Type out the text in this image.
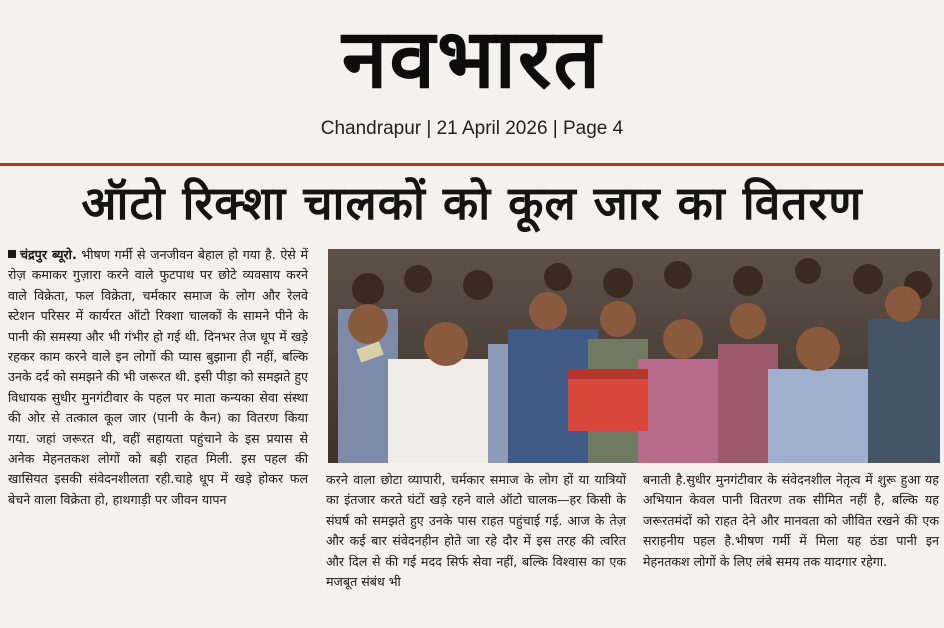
नवभारत
Chandrapur | 21 April 2026 | Page 4
ऑटो रिक्शा चालकों को कूल जार का वितरण

चंद्रपुर ब्यूरो. भीषण गर्मी से जनजीवन बेहाल हो गया है. ऐसे में रोज़ कमाकर गुज़ारा करने वाले फुटपाथ पर छोटे व्यवसाय करने वाले विक्रेता, फल विक्रेता, चर्मकार समाज के लोग और रेलवे स्टेशन परिसर में कार्यरत ऑटो रिक्शा चालकों के सामने पीने के पानी की समस्या और भी गंभीर हो गई थी. दिनभर तेज धूप में खड़े रहकर काम करने वाले इन लोगों की प्यास बुझाना ही नहीं, बल्कि उनके दर्द को समझने की भी जरूरत थी. इसी पीड़ा को समझते हुए विधायक सुधीर मुनगंटीवार के पहल पर माता कन्यका सेवा संस्था की ओर से तत्काल कूल जार (पानी के कैन) का वितरण किया गया. जहां जरूरत थी, वहीं सहायता पहुंचाने के इस प्रयास से अनेक मेहनतकश लोगों को बड़ी राहत मिली. इस पहल की खासियत इसकी संवेदनशीलता रही.चाहे धूप में खड़े होकर फल बेचने वाला विक्रेता हो, हाथगाड़ी पर जीवन यापन

करने वाला छोटा व्यापारी, चर्मकार समाज के लोग हों या यात्रियों का इंतजार करते घंटों खड़े रहने वाले ऑटो चालक—हर किसी के संघर्ष को समझते हुए उनके पास राहत पहुंचाई गई. आज के तेज़ और कई बार संवेदनहीन होते जा रहे दौर में इस तरह की त्वरित और दिल से की गई मदद सिर्फ सेवा नहीं, बल्कि विश्वास का एक मजबूत संबंध भी

बनाती है.सुधीर मुनगंटीवार के संवेदनशील नेतृत्व में शुरू हुआ यह अभियान केवल पानी वितरण तक सीमित नहीं है, बल्कि यह जरूरतमंदों को राहत देने और मानवता को जीवित रखने की एक सराहनीय पहल है.भीषण गर्मी में मिला यह ठंडा पानी इन मेहनतकश लोगों के लिए लंबे समय तक यादगार रहेगा.
